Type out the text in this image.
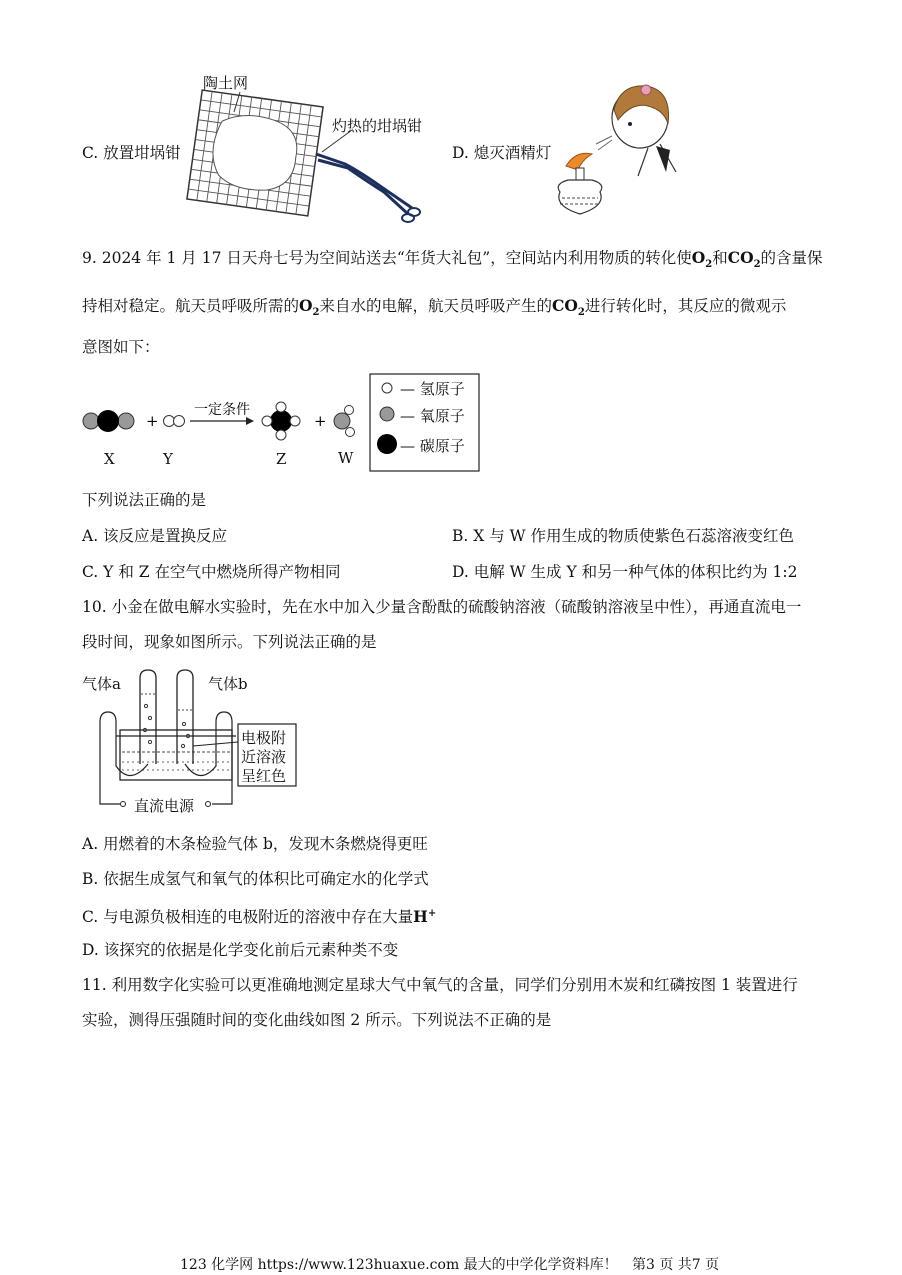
C. 放置坩埚钳
陶土网
灼热的坩埚钳
D. 熄灭酒精灯
9. 2024 年 1 月 17 日天舟七号为空间站送去“年货大礼包”，空间站内利用物质的转化使$O_2$和$CO_2$的含量保
持相对稳定。航天员呼吸所需的$O_2$来自水的电解，航天员呼吸产生的$CO_2$进行转化时，其反应的微观示
意图如下：
+
一定条件
+
X	Y	Z	W
— 氢原子
— 氧原子
— 碳原子
下列说法正确的是
A. 该反应是置换反应	B. X 与 W 作用生成的物质使紫色石蕊溶液变红色
C. Y 和 Z 在空气中燃烧所得产物相同	D. 电解 W 生成 Y 和另一种气体的体积比约为 1:2
10. 小金在做电解水实验时，先在水中加入少量含酚酞的硫酸钠溶液（硫酸钠溶液呈中性），再通直流电一
段时间，现象如图所示。下列说法正确的是
气体a	气体b
电极附
近溶液
呈红色
直流电源
A. 用燃着的木条检验气体 b，发现木条燃烧得更旺
B. 依据生成氢气和氧气的体积比可确定水的化学式
C. 与电源负极相连的电极附近的溶液中存在大量H+
D. 该探究的依据是化学变化前后元素种类不变
11. 利用数字化实验可以更准确地测定星球大气中氧气的含量，同学们分别用木炭和红磷按图 1 装置进行
实验，测得压强随时间的变化曲线如图 2 所示。下列说法不正确的是
123 化学网 https://www.123huaxue.com 最大的中学化学资料库！ 第3 页 共7 页
